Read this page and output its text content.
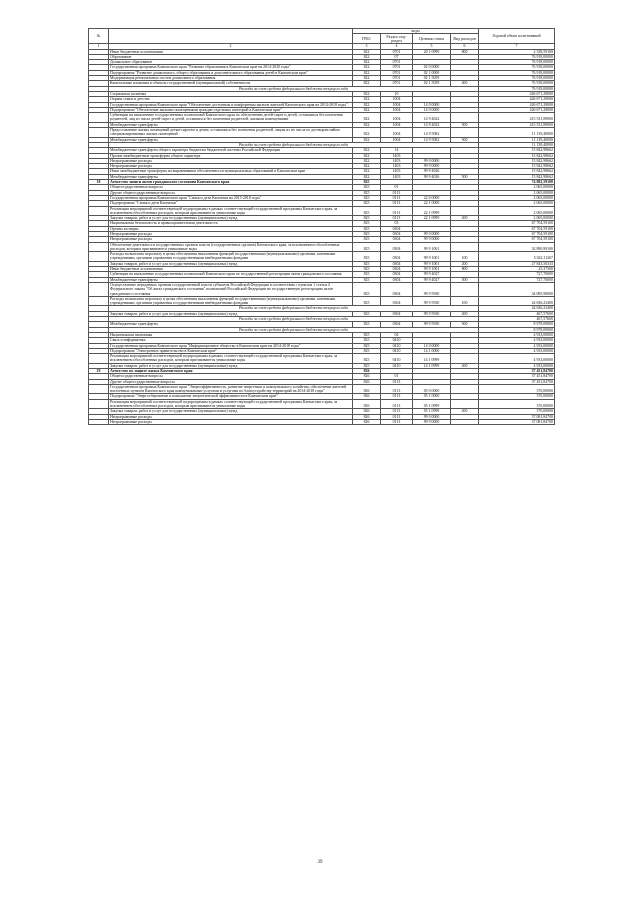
№		коды				Годовой объем ассигнований
		ГРБС	Раздел, под-раздел	Целевая статья	Вид расходов	
1	2	3	4	5	6	7
	Иные бюджетные ассигнования	822	0701	20 1 0999	800	2 338,59169
	Образование	822	07			76 918,00000
	Дошкольное образование	822	0701			76 918,00000
	Государственная программа Камчатского края "Развитие образования в Камчатском крае на 2014-2020 годы"	822	0701	02 0 0000		76 918,00000
	Подпрограмма "Развитие дошкольного, общего образования и дополнительного образования детей в Камчатском крае"	822	0701	02 1 0000		76 918,00000
	Модернизация региональных систем дошкольного образования	822	0701	02 1 5059		76 918,00000
	Капитальные вложения в объекты государственной (муниципальной) собственности	822	0701	02 1 5059	400	76 918,00000
	Расходы за счет средств федерального бюджета текущего года					76 918,00000
	Социальная политика	822	10			426 671,29000
	Охрана семьи и детства	822	1004			426 671,29000
	Государственная программа Камчатского края "Обеспечение доступным и комфортным жильем жителей Камчатского края на 2014-2018 годы"	822	1004	14 0 0000		426 671,29000
	Подпрограмма "Обеспечение жилыми помещениями граждан отдельных категорий в Камчатском крае"	822	1004	14 9 0000		426 671,29000
	Субвенции на выполнение государственных полномочий Камчатского края по обеспечению детей-сирот и детей, оставшихся без попечения родителей, лиц из числа детей-сирот и детей, оставшихся без попечения родителей, жилыми помещениями	822	1004	14 9 4022		415 531,89000
	Межбюджетные трансферты	822	1004	14 9 4022	500	415 531,89000
	Предоставление жилых помещений детям-сиротам и детям, оставшимся без попечения родителей, лицам из их числа по договорам найма специализированных жилых помещений	822	1004	14 9 5082		11 139,40000
	Межбюджетные трансферты	822	1004	14 9 5082	500	11 139,40000
	Расходы за счет средств федерального бюджета текущего года					11 139,40000
	Межбюджетные трансферты общего характера бюджетам бюджетной системы Российской Федерации	822	14			15 842,98662
	Прочие межбюджетные трансферты общего характера	822	1403			15 842,98662
	Непрограммные расходы	822	1403	99 0 0000		15 842,98662
	Непрограммные расходы	822	1403	99 9 0000		15 842,98662
	Иные межбюджетные трансферты на выравнивание обеспеченности муниципальных образований в Камчатском крае	822	1403	99 9 4026		15 842,98662
	Межбюджетные трансферты	822	1403	99 9 4026	500	15 842,98662
18	Агентство записи актов гражданского состояния Камчатского края	825				74 082,59100
	Общегосударственные вопросы	825	01			2 065,00000
	Другие общегосударственные вопросы	825	0113			2 065,00000
	Государственная программа Камчатского края "Семья и дети Камчатки на 2015-2018 годы"	825	0113	22 0 0000		2 065,00000
	Подпрограмма "Семья и дети Камчатки"	825	0113	22 1 0000		2 065,00000
	Реализация мероприятий соответствующей подпрограммы в рамках соответствующей государственной программы Камчатского края, за исключением обособленных расходов, которым присваиваются уникальные коды	825	0113	22 1 0999		2 065,00000
	Закупка товаров, работ и услуг для государственных (муниципальных) нужд	825	0113	22 1 0999	200	2 065,00000
	Национальная безопасность и правоохранительная деятельность	825	03			67 704,59100
	Органы юстиции	825	0304			67 704,59100
	Непрограммные расходы	825	0304	99 0 0000		67 704,59100
	Непрограммные расходы	825	0304	99 9 0000		67 704,59100
	Обеспечение деятельности государственных органов власти (государственных органов) Камчатского края, за исключением обособленных расходов, которым присваиваются уникальные коды	825	0304	99 9 1001		32 890,99100
	Расходы на выплаты персоналу в целях обеспечения выполнения функций государственными (муниципальными) органами, казенными учреждениями, органами управления государственными внебюджетными фондами	825	0304	99 9 1001	100	5 022,11267
	Закупка товаров, работ и услуг для государственных (муниципальных) нужд	825	0304	99 9 1001	200	27 843,50333
	Иные бюджетные ассигнования	825	0304	99 9 1001	800	25,37500
	Субвенции на выполнение государственных полномочий Камчатского края по государственной регистрации актов гражданского состояния	825	0304	99 9 4027		727,70000
	Межбюджетные трансферты	825	0304	99 9 4027	500	727,70000
	Осуществление переданных органам государственной власти субъектов Российской Федерации в соответствии с пунктом 1 статьи 4 Федерального закона "Об актах гражданского состояния" полномочий Российской Федерации на государственную регистрацию актов гражданского состояния	825	0304	99 9 5930		34 085,90000
	Расходы на выплаты персоналу в целях обеспечения выполнения функций государственными (муниципальными) органами, казенными учреждениями, органами управления государственными внебюджетными фондами	825	0304	99 9 5930	100	24 636,23400
	Расходы за счет средств федерального бюджета текущего года					24 636,23400
	Закупка товаров, работ и услуг для государственных (муниципальных) нужд	825	0304	99 9 5930	200	467,57600
	Расходы за счет средств федерального бюджета текущего года					467,57600
	Межбюджетные трансферты	825	0304	99 9 5930	500	8 978,09000
	Расходы за счет средств федерального бюджета текущего года					8 978,09000
	Национальная экономика	825	04			4 933,00000
	Связь и информатика	825	0410			4 933,00000
	Государственная программа Камчатского края "Информационное общество в Камчатском крае на 2014-2018 годы"	825	0410	14 0 0000		4 933,00000
	Подпрограмма "Электронное правительство в Камчатском крае"	825	0410	14 1 0000		4 933,00000
	Реализация мероприятий соответствующей подпрограммы в рамках соответствующей государственной программы Камчатского края, за исключением обособленных расходов, которым присваиваются уникальные коды	825	0410	14 1 0999		4 933,00000
	Закупка товаров, работ и услуг для государственных (муниципальных) нужд	825	0410	14 1 0999	200	4 933,00000
19	Агентство по защите жилья Камчатского края	826				37 451,84700
	Общегосударственные вопросы	826	01			37 451,84700
	Другие общегосударственные вопросы	826	0113			37 451,84700
	Государственная программа Камчатского края "Энергоэффективность, развитие энергетики и коммунального хозяйства, обеспечение жителей населенных пунктов Камчатского края коммунальными услугами и услугами по благоустройству территорий на 2014-2018 годы"	826	0113	05 0 0000		370,00000
	Подпрограмма "Энергосбережение и повышение энергетической эффективности в Камчатском крае"	826	0113	05 1 0000		370,00000
	Реализация мероприятий соответствующей подпрограммы в рамках соответствующей государственной программы Камчатского края, за исключением обособленных расходов, которым присваиваются уникальные коды	826	0113	05 1 0999		370,00000
	Закупка товаров, работ и услуг для государственных (муниципальных) нужд	826	0113	05 1 0999	200	370,00000
	Непрограммные расходы	826	0113	99 0 0000		37 081,84700
	Непрограммные расходы	826	0113	99 9 0000		37 081,84700
39
